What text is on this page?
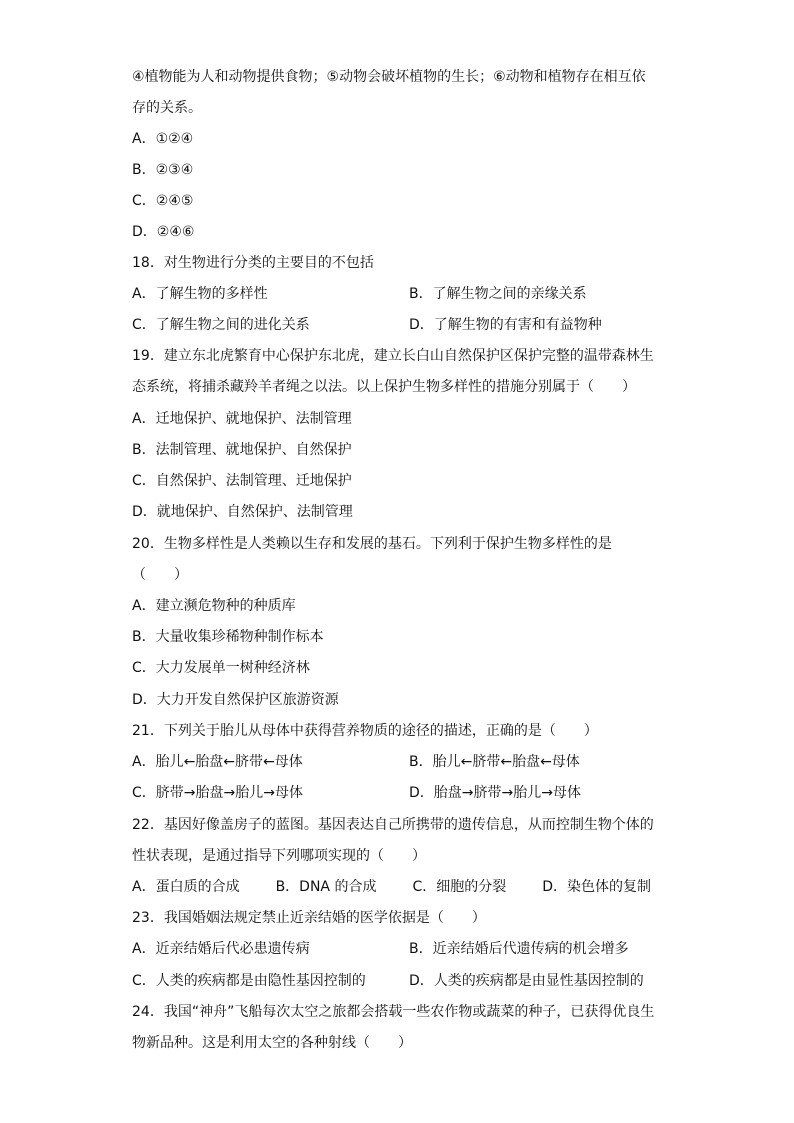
④植物能为人和动物提供食物；⑤动物会破坏植物的生长；⑥动物和植物存在相互依
存的关系。
A．①②④
B．②③④
C．②④⑤
D．②④⑥
18．对生物进行分类的主要目的不包括
A．了解生物的多样性	B．了解生物之间的亲缘关系
C．了解生物之间的进化关系	D．了解生物的有害和有益物种
19．建立东北虎繁育中心保护东北虎，建立长白山自然保护区保护完整的温带森林生
态系统，将捕杀藏羚羊者绳之以法。以上保护生物多样性的措施分别属于（　　）
A．迁地保护、就地保护、法制管理
B．法制管理、就地保护、自然保护
C．自然保护、法制管理、迁地保护
D．就地保护、自然保护、法制管理
20．生物多样性是人类赖以生存和发展的基石。下列利于保护生物多样性的是
（　　）
A．建立濒危物种的种质库
B．大量收集珍稀物种制作标本
C．大力发展单一树种经济林
D．大力开发自然保护区旅游资源
21．下列关于胎儿从母体中获得营养物质的途径的描述，正确的是（　　）
A．胎儿←胎盘←脐带←母体	B．胎儿←脐带←胎盘←母体
C．脐带→胎盘→胎儿→母体	D．胎盘→脐带→胎儿→母体
22．基因好像盖房子的蓝图。基因表达自己所携带的遗传信息，从而控制生物个体的
性状表现，是通过指导下列哪项实现的（　　）
A．蛋白质的合成	B．DNA 的合成	C．细胞的分裂	D．染色体的复制
23．我国婚姻法规定禁止近亲结婚的医学依据是（　　）
A．近亲结婚后代必患遗传病	B．近亲结婚后代遗传病的机会增多
C．人类的疾病都是由隐性基因控制的	D．人类的疾病都是由显性基因控制的
24．我国“神舟”飞船每次太空之旅都会搭载一些农作物或蔬菜的种子，已获得优良生
物新品种。这是利用太空的各种射线（　　）
